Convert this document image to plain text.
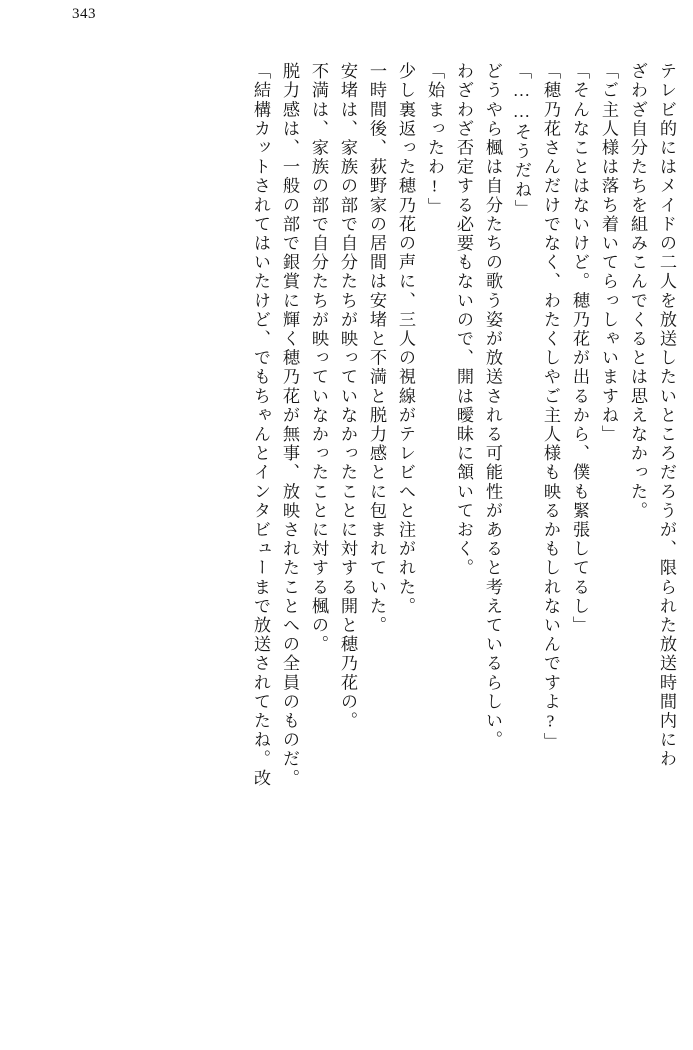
343
テレビ的にはメイドの二人を放送したいところだろうが、限られた放送時間内にわ
ざわざ自分たちを組みこんでくるとは思えなかった。
「ご主人様は落ち着いてらっしゃいますね」
「そんなことはないけど。穂乃花が出るから、僕も緊張してるし」
「穂乃花さんだけでなく、わたくしやご主人様も映るかもしれないんですよ?」
「……そうだね」
どうやら楓は自分たちの歌う姿が放送される可能性があると考えているらしい。
わざわざ否定する必要もないので、開は曖昧に頷いておく。
「始まったわ!」
少し裏返った穂乃花の声に、三人の視線がテレビへと注がれた。
一時間後、荻野家の居間は安堵と不満と脱力感とに包まれていた。
安堵は、家族の部で自分たちが映っていなかったことに対する開と穂乃花の。
不満は、家族の部で自分たちが映っていなかったことに対する楓の。
脱力感は、一般の部で銀賞に輝く穂乃花が無事、放映されたことへの全員のものだ。
「結構カットされてはいたけど、でもちゃんとインタビューまで放送されてたね。改
